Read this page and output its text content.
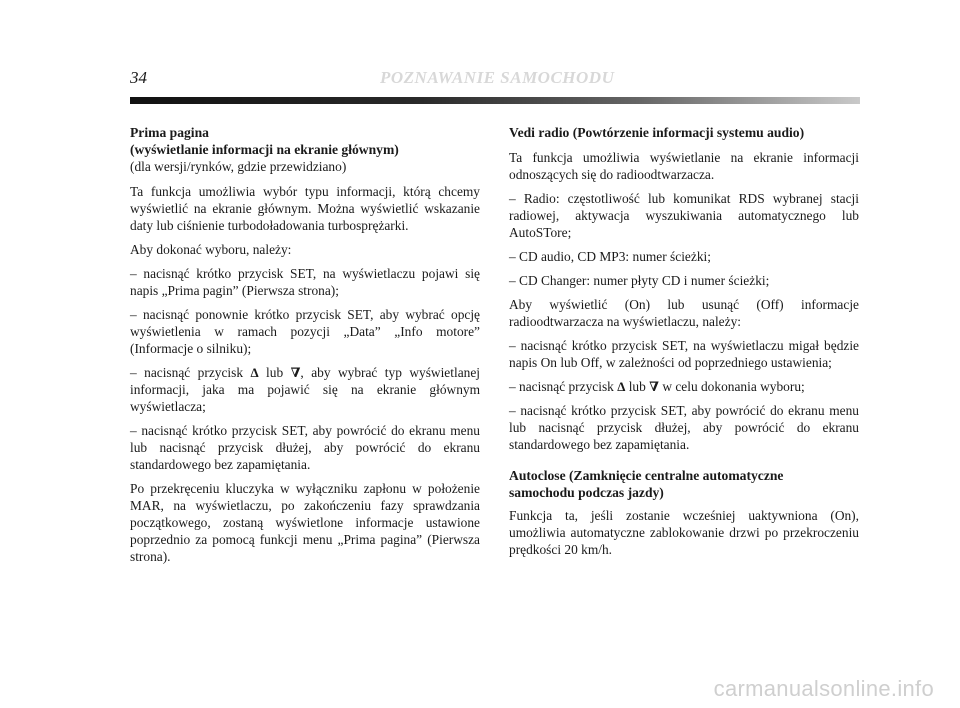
34	POZNAWANIE SAMOCHODU

Prima pagina

(wyświetlanie informacji na ekranie głównym)

(dla wersji/rynków, gdzie przewidziano)

Ta funkcja umożliwia wybór typu informacji, którą chcemy wyświetlić na ekranie głównym. Można wyświetlić wskazanie daty lub ciśnienie turbodoładowania turbosprężarki.

Aby dokonać wyboru, należy:

– nacisnąć krótko przycisk SET, na wyświetlaczu pojawi się napis „Prima pagin” (Pierwsza strona);

– nacisnąć ponownie krótko przycisk SET, aby wybrać opcję wyświetlenia w ramach pozycji „Data” „Info motore” (Informacje o silniku);

– nacisnąć przycisk Δ lub ∇, aby wybrać typ wyświetlanej informacji, jaka ma pojawić się na ekranie głównym wyświetlacza;

– nacisnąć krótko przycisk SET, aby powrócić do ekranu menu lub nacisnąć przycisk dłużej, aby powrócić do ekranu standardowego bez zapamiętania.

Po przekręceniu kluczyka w wyłączniku zapłonu w położenie MAR, na wyświetlaczu, po zakończeniu fazy sprawdzania początkowego, zostaną wyświetlone informacje ustawione poprzednio za pomocą funkcji menu „Prima pagina” (Pierwsza strona).

Vedi radio (Powtórzenie informacji systemu audio)

Ta funkcja umożliwia wyświetlanie na ekranie informacji odnoszących się do radioodtwarzacza.

– Radio: częstotliwość lub komunikat RDS wybranej stacji radiowej, aktywacja wyszukiwania automatycznego lub AutoSTore;

– CD audio, CD MP3: numer ścieżki;

– CD Changer: numer płyty CD i numer ścieżki;

Aby wyświetlić (On) lub usunąć (Off) informacje radioodtwarzacza na wyświetlaczu, należy:

– nacisnąć krótko przycisk SET, na wyświetlaczu migał będzie napis On lub Off, w zależności od poprzedniego ustawienia;

– nacisnąć przycisk Δ lub ∇ w celu dokonania wyboru;

– nacisnąć krótko przycisk SET, aby powrócić do ekranu menu lub nacisnąć przycisk dłużej, aby powrócić do ekranu standardowego bez zapamiętania.

Autoclose (Zamknięcie centralne automatyczne

samochodu podczas jazdy)

Funkcja ta, jeśli zostanie wcześniej uaktywniona (On), umożliwia automatyczne zablokowanie drzwi po przekroczeniu prędkości 20 km/h.

carmanualsonline.info
